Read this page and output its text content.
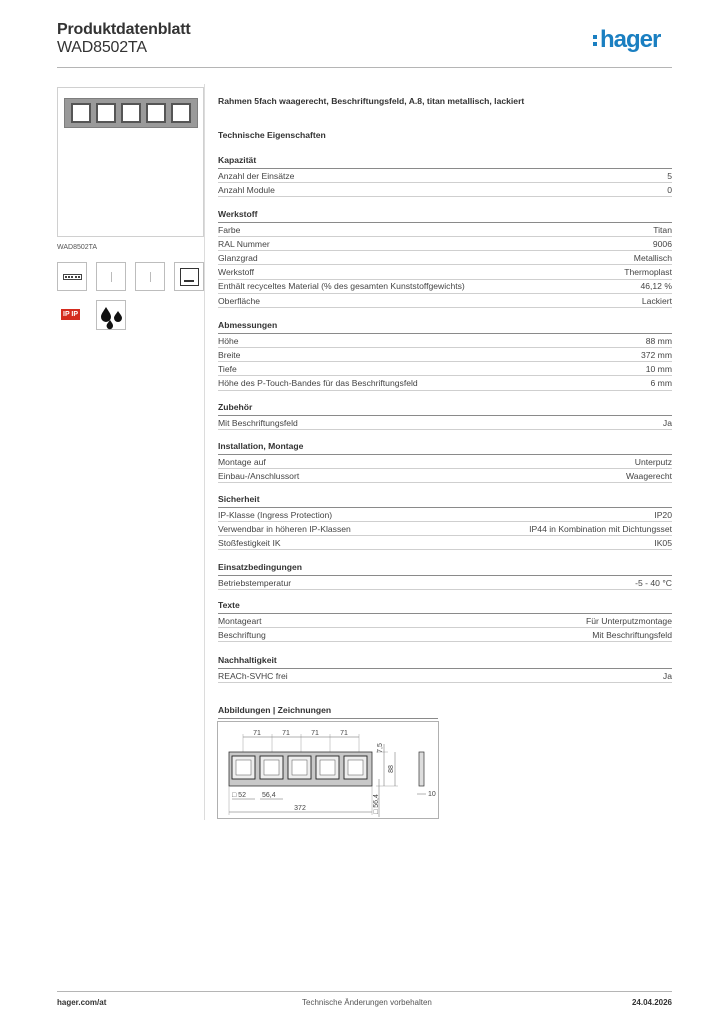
Produktdatenblatt
WAD8502TA	hager
WAD8502TA
IP IP
Rahmen 5fach waagerecht, Beschriftungsfeld, A.8, titan metallisch, lackiert
Technische Eigenschaften
Kapazität
Anzahl der Einsätze	5
Anzahl Module	0
Werkstoff
Farbe	Titan
RAL Nummer	9006
Glanzgrad	Metallisch
Werkstoff	Thermoplast
Enthält recyceltes Material (% des gesamten Kunststoffgewichts)	46,12 %
Oberfläche	Lackiert
Abmessungen
Höhe	88 mm
Breite	372 mm
Tiefe	10 mm
Höhe des P-Touch-Bandes für das Beschriftungsfeld	6 mm
Zubehör
Mit Beschriftungsfeld	Ja
Installation, Montage
Montage auf	Unterputz
Einbau-/Anschlussort	Waagerecht
Sicherheit
IP-Klasse (Ingress Protection)	IP20
Verwendbar in höheren IP-Klassen	IP44 in Kombination mit Dichtungsset
Stoßfestigkeit IK	IK05
Einsatzbedingungen
Betriebstemperatur	-5 - 40 °C
Texte
Montageart	Für Unterputzmontage
Beschriftung	Mit Beschriftungsfeld
Nachhaltigkeit
REACh-SVHC frei	Ja
Abbildungen | Zeichnungen
71	71	71	71
7,5
88
10
□ 52 56,4
372	□ 56,4
hager.com/at	Technische Änderungen vorbehalten	24.04.2026
